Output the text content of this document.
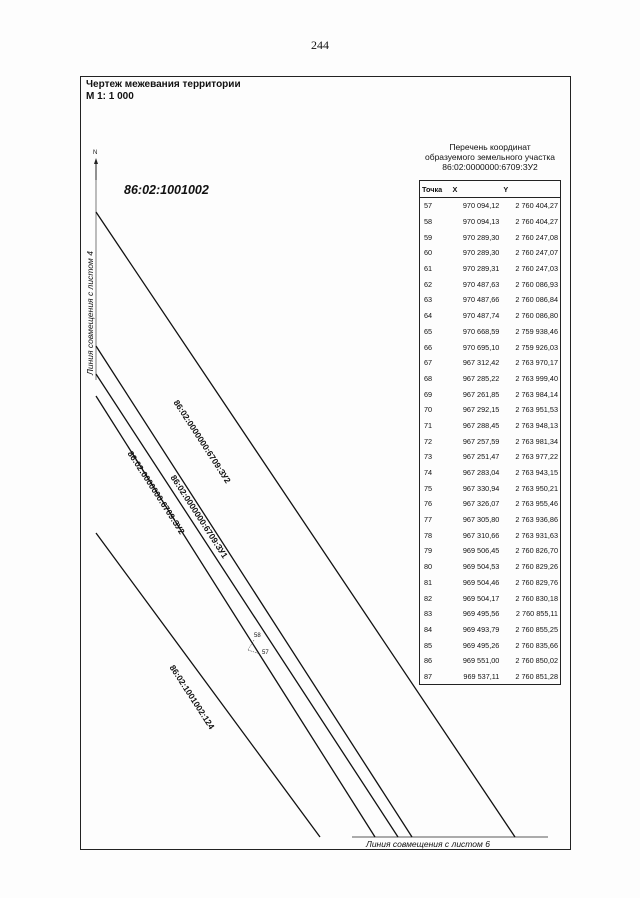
244
Чертеж межевания территории
М 1: 1 000
N
86:02:1001002
Линия совмещения с листом 4
Линия совмещения с листом 6
86:02:0000000:6709:ЗУ2
86:02:0000000:6709:ЗУ1
86:02:0000000:6709:ЗУ2
86:02:1001002:124
58
57
Перечень координат
образуемого земельного участка
86:02:0000000:6709:ЗУ2
Точка	X	Y
57	970 094,12	2 760 404,27
58	970 094,13	2 760 404,27
59	970 289,30	2 760 247,08
60	970 289,30	2 760 247,07
61	970 289,31	2 760 247,03
62	970 487,63	2 760 086,93
63	970 487,66	2 760 086,84
64	970 487,74	2 760 086,80
65	970 668,59	2 759 938,46
66	970 695,10	2 759 926,03
67	967 312,42	2 763 970,17
68	967 285,22	2 763 999,40
69	967 261,85	2 763 984,14
70	967 292,15	2 763 951,53
71	967 288,45	2 763 948,13
72	967 257,59	2 763 981,34
73	967 251,47	2 763 977,22
74	967 283,04	2 763 943,15
75	967 330,94	2 763 950,21
76	967 326,07	2 763 955,46
77	967 305,80	2 763 936,86
78	967 310,66	2 763 931,63
79	969 506,45	2 760 826,70
80	969 504,53	2 760 829,26
81	969 504,46	2 760 829,76
82	969 504,17	2 760 830,18
83	969 495,56	2 760 855,11
84	969 493,79	2 760 855,25
85	969 495,26	2 760 835,66
86	969 551,00	2 760 850,02
87	969 537,11	2 760 851,28
